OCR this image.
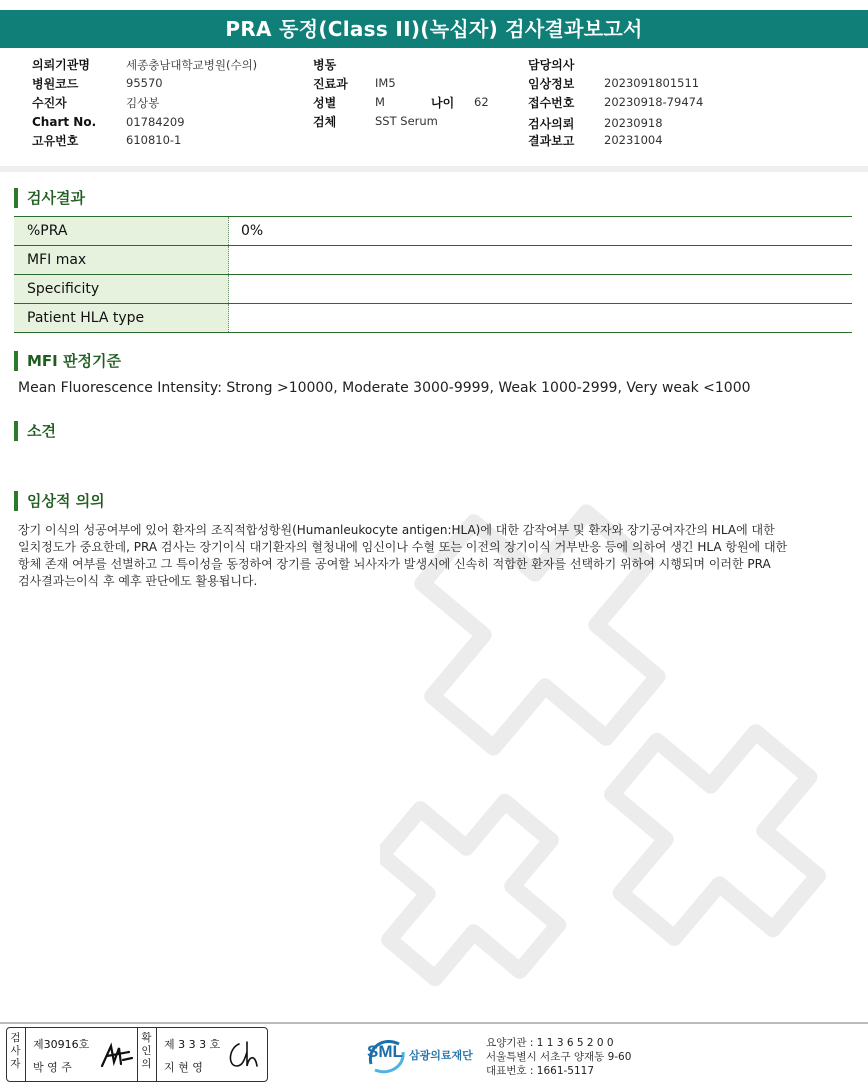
PRA 동정(Class II)(녹십자) 검사결과보고서
의뢰기관명	세종충남대학교병원(수의)
병원코드	95570
수진자	김상봉
Chart No.	01784209
고유번호	610810-1
병동
진료과 IM5
성별	M	나이 62
검체	SST Serum
담당의사
임상정보	2023091801511
접수번호	20230918-79474
검사의뢰	20230918
결과보고	20231004
검사결과
%PRA	0%
MFI max
Specificity
Patient HLA type
MFI 판정기준
Mean Fluorescence Intensity: Strong >10000, Moderate 3000-9999, Weak 1000-2999, Very weak <1000
소견
임상적 의의
장기 이식의 성공여부에 있어 환자의 조직적합성항원(Humanleukocyte antigen:HLA)에 대한 감작여부 및 환자와 장기공여자간의 HLA에 대한
일치정도가 중요한데, PRA 검사는 장기이식 대기환자의 혈청내에 임신이나 수혈 또는 이전의 장기이식 거부반응 등에 의하여 생긴 HLA 항원에 대한
항체 존재 여부를 선별하고 그 특이성을 동정하여 장기를 공여할 뇌사자가 발생시에 신속히 적합한 환자를 선택하기 위하여 시행되며 이러한 PRA
검사결과는이식 후 예후 판단에도 활용됩니다.
검사자
제30916호
박 영 주
확인의
제 3 3 3 호
지 현 영
SML 삼광의료재단
요양기관 : 1 1 3 6 5 2 0 0
서울특별시 서초구 양재동 9-60
대표번호 : 1661-5117
